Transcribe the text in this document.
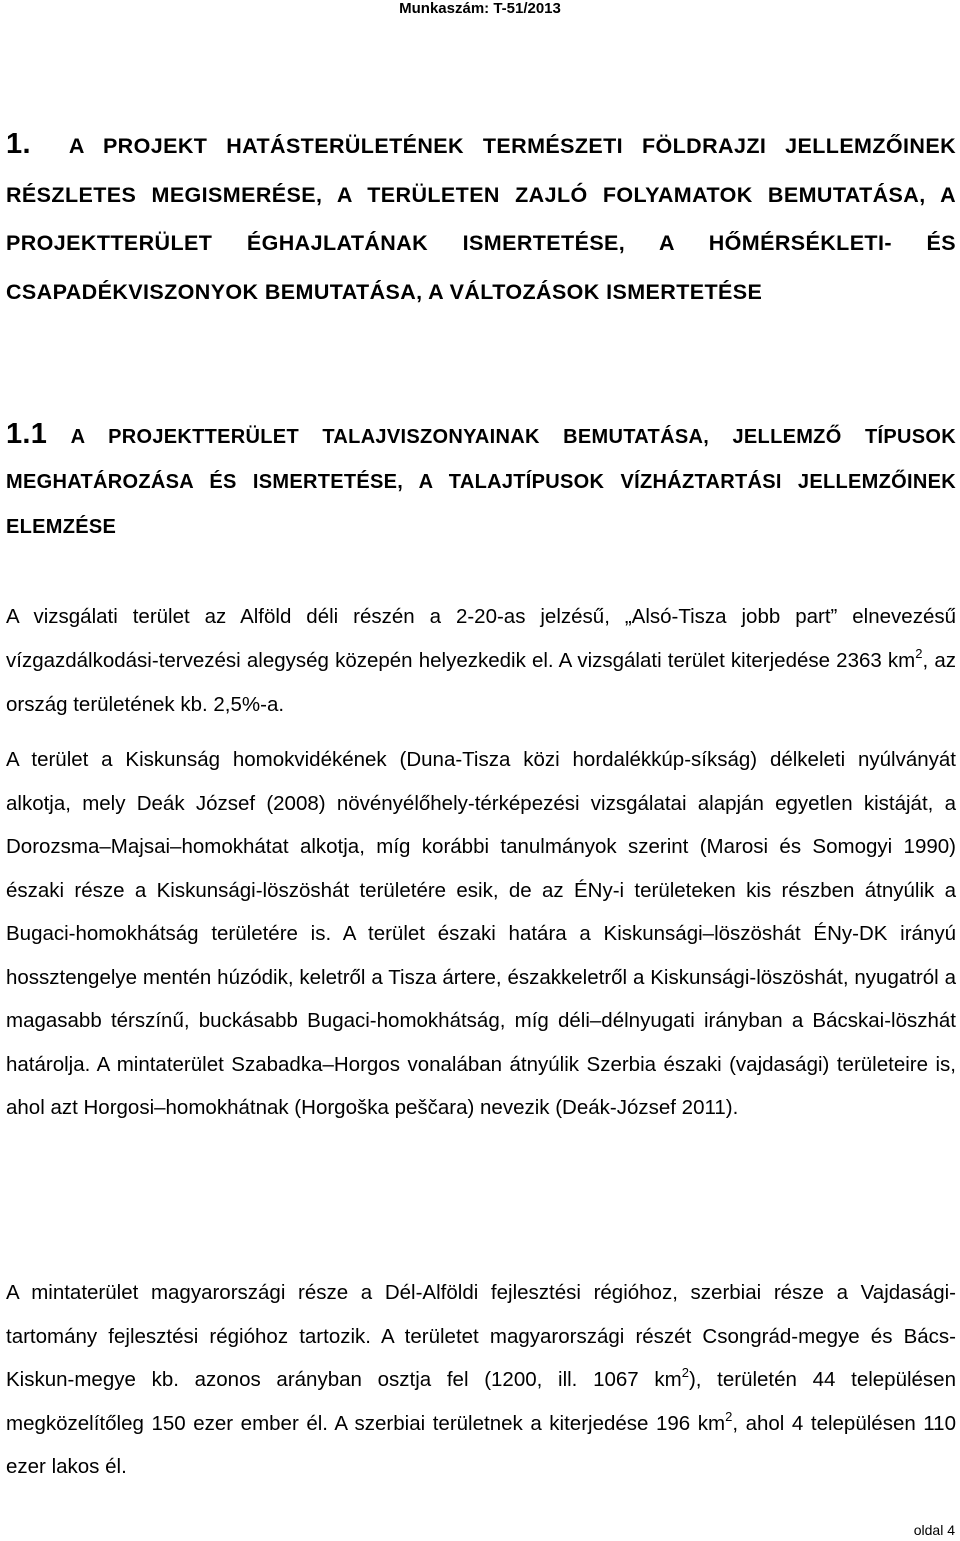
Munkaszám: T-51/2013
1. A PROJEKT HATÁSTERÜLETÉNEK TERMÉSZETI FÖLDRAJZI JELLEMZŐINEK RÉSZLETES MEGISMERÉSE, A TERÜLETEN ZAJLÓ FOLYAMATOK BEMUTATÁSA, A PROJEKTTERÜLET ÉGHAJLATÁNAK ISMERTETÉSE, A HŐMÉRSÉKLETI- ÉS CSAPADÉKVISZONYOK BEMUTATÁSA, A VÁLTOZÁSOK ISMERTETÉSE
1.1 A PROJEKTTERÜLET TALAJVISZONYAINAK BEMUTATÁSA, JELLEMZŐ TÍPUSOK MEGHATÁROZÁSA ÉS ISMERTETÉSE, A TALAJTÍPUSOK VÍZHÁZTARTÁSI JELLEMZŐINEK ELEMZÉSE

A vizsgálati terület az Alföld déli részén a 2-20-as jelzésű, „Alsó-Tisza jobb part” elnevezésű vízgazdálkodási-tervezési alegység közepén helyezkedik el. A vizsgálati terület kiterjedése 2363 $km^2$, az ország területének kb. 2,5%-a.

A terület a Kiskunság homokvidékének (Duna-Tisza közi hordalékkúp-síkság) délkeleti nyúlványát alkotja, mely Deák József (2008) növényélőhely-térképezési vizsgálatai alapján egyetlen kistáját, a Dorozsma–Majsai–homokhátat alkotja, míg korábbi tanulmányok szerint (Marosi és Somogyi 1990) északi része a Kiskunsági-löszöshát területére esik, de az ÉNy-i területeken kis részben átnyúlik a Bugaci-homokhátság területére is. A terület északi határa a Kiskunsági–löszöshát ÉNy-DK irányú hossztengelye mentén húzódik, keletről a Tisza ártere, északkeletről a Kiskunsági-löszöshát, nyugatról a magasabb térszínű, buckásabb Bugaci-homokhátság, míg déli–délnyugati irányban a Bácskai-löszhát határolja. A mintaterület Szabadka–Horgos vonalában átnyúlik Szerbia északi (vajdasági) területeire is, ahol azt Horgosi–homokhátnak (Horgoška peščara) nevezik (Deák-József 2011).

A mintaterület magyarországi része a Dél-Alföldi fejlesztési régióhoz, szerbiai része a Vajdasági-tartomány fejlesztési régióhoz tartozik. A területet magyarországi részét Csongrád-megye és Bács-Kiskun-megye kb. azonos arányban osztja fel (1200, ill. 1067 $km^2$), területén 44 településen megközelítőleg 150 ezer ember él. A szerbiai területnek a kiterjedése 196 $km^2$, ahol 4 településen 110 ezer lakos él.

oldal 4
